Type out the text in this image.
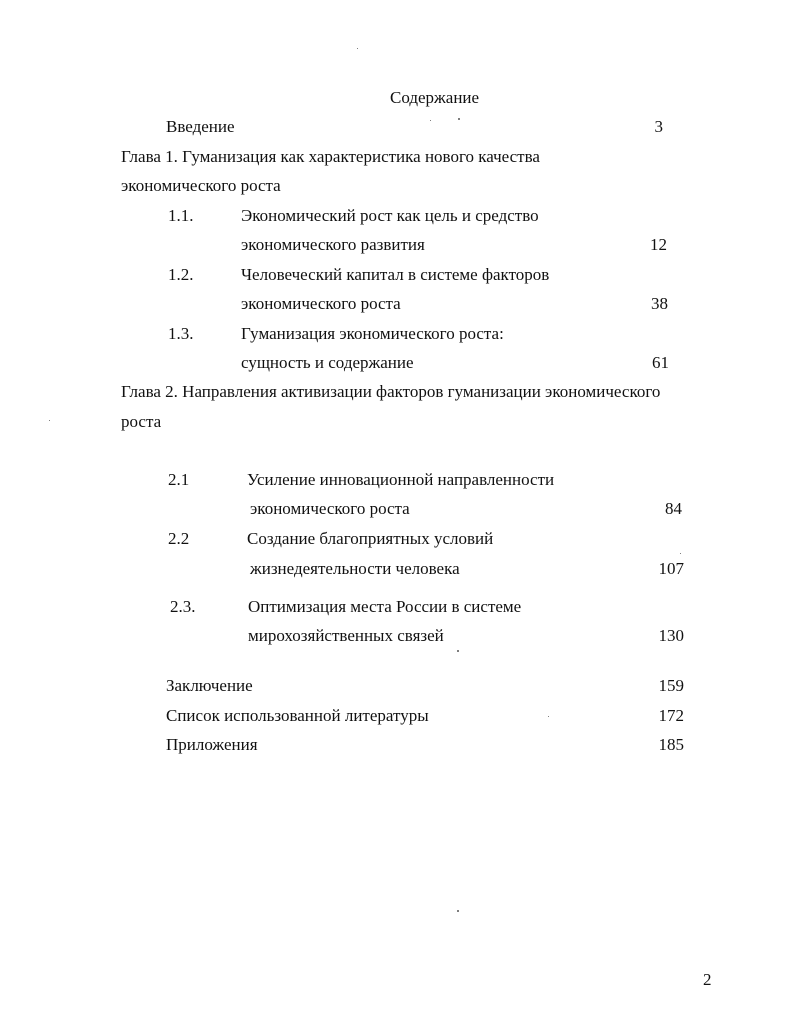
Содержание
Введение	3
Глава 1. Гуманизация как характеристика нового качества
экономического роста
1.1.	Экономический рост как цель и средство
экономического развития	12
1.2.	Человеческий капитал в системе факторов
экономического роста	38
1.3.	Гуманизация экономического роста:
сущность и содержание	61
Глава 2. Направления активизации факторов гуманизации экономического
роста
2.1	Усиление инновационной направленности
экономического роста	84
2.2	Создание благоприятных условий
жизнедеятельности человека	107
2.3.	Оптимизация места России в системе
мирохозяйственных связей	130
Заключение	159
Список использованной литературы	172
Приложения	185
2
